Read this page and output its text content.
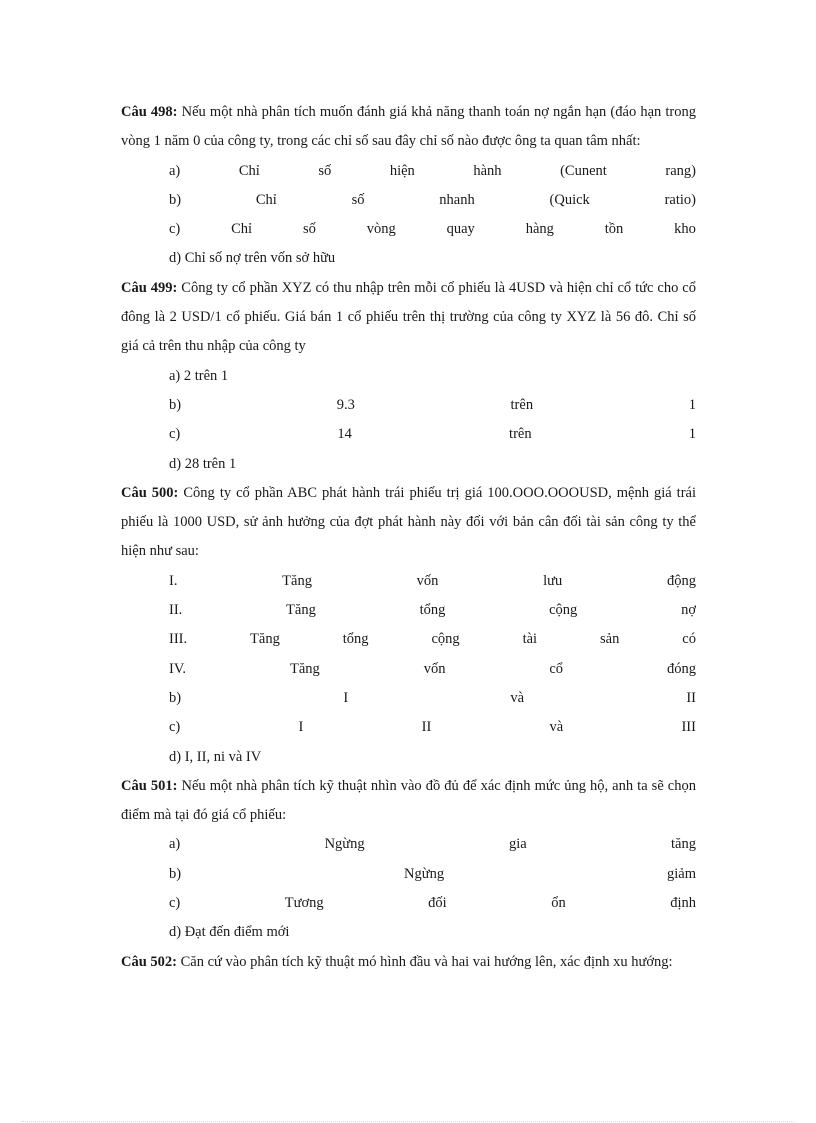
Câu 498: Nếu một nhà phân tích muốn đánh giá khả năng thanh toán nợ ngắn hạn (đáo hạn trong vòng 1 năm 0 của công ty, trong các chỉ số sau đây chỉ số nào được ông ta quan tâm nhất:

a)	Chỉ	số	hiện	hành	(Cunent	rang)
b)	Chỉ	số	nhanh	(Quick	ratio)
c)	Chỉ	số	vòng	quay	hàng	tồn	kho
d) Chỉ số nợ trên vốn sở hữu

Câu 499: Công ty cổ phần XYZ có thu nhập trên mỗi cổ phiếu là 4USD và hiện chỉ cổ tức cho cổ đông là 2 USD/1 cổ phiếu. Giá bán 1 cổ phiếu trên thị trường của công ty XYZ là 56 đô. Chỉ số giá cả trên thu nhập của công ty

a) 2 trên 1
b)	9.3	trên	1
c)	14	trên	1
d) 28 trên 1

Câu 500: Công ty cổ phần ABC phát hành trái phiếu trị giá 100.OOO.OOOUSD, mệnh giá trái phiếu là 1000 USD, sử ảnh hưởng của đợt phát hành này đối với bản cân đối tài sản công ty thể hiện như sau:

I.	Tăng	vốn	lưu	động
II.	Tăng	tổng	cộng	nợ
III.	Tăng	tổng	cộng	tài	sản	có
IV.	Tăng	vốn	cổ	đóng
b)	I	và	II
c)	I	II	và	III
d) I, II, ni và IV

Câu 501: Nếu một nhà phân tích kỹ thuật nhìn vào đồ đủ để xác định mức ủng hộ, anh ta sẽ chọn điểm mà tại đó giá cổ phiếu:

a)	Ngừng	gia	tăng
b)	Ngừng	giảm
c)	Tương	đối	ổn	định
d) Đạt đến điểm mới

Câu 502: Căn cứ vào phân tích kỹ thuật mó hình đầu và hai vai hướng lên, xác định xu hướng:
